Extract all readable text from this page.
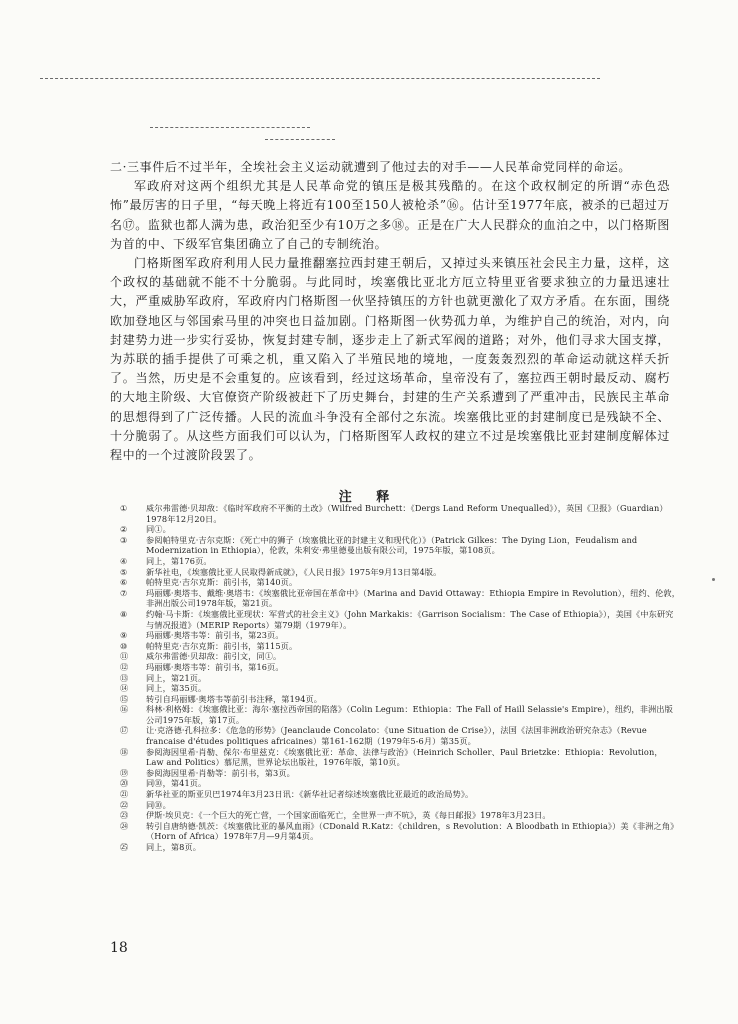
二·三事件后不过半年，全埃社会主义运动就遭到了他过去的对手——人民革命党同样的命运。

军政府对这两个组织尤其是人民革命党的镇压是极其残酷的。在这个政权制定的所谓“赤色恐怖”最厉害的日子里，“每天晚上将近有100至150人被枪杀”⑯。估计至1977年底，被杀的已超过万名⑰。监狱也都人满为患，政治犯至少有10万之多⑱。正是在广大人民群众的血泊之中，以门格斯图为首的中、下级军官集团确立了自己的专制统治。

门格斯图军政府利用人民力量推翻塞拉西封建王朝后，又掉过头来镇压社会民主力量，这样，这个政权的基础就不能不十分脆弱。与此同时，埃塞俄比亚北方厄立特里亚省要求独立的力量迅速壮大，严重威胁军政府，军政府内门格斯图一伙坚持镇压的方针也就更激化了双方矛盾。在东面，围绕欧加登地区与邻国索马里的冲突也日益加剧。门格斯图一伙势孤力单，为维护自己的统治，对内，向封建势力进一步实行妥协，恢复封建专制，逐步走上了新式军阀的道路；对外，他们寻求大国支撑，为苏联的插手提供了可乘之机，重又陷入了半殖民地的境地，一度轰轰烈烈的革命运动就这样夭折了。当然，历史是不会重复的。应该看到，经过这场革命，皇帝没有了，塞拉西王朝时最反动、腐朽的大地主阶级、大官僚资产阶级被赶下了历史舞台，封建的生产关系遭到了严重冲击，民族民主革命的思想得到了广泛传播。人民的流血斗争没有全部付之东流。埃塞俄比亚的封建制度已是残缺不全、十分脆弱了。从这些方面我们可以认为，门格斯图军人政权的建立不过是埃塞俄比亚封建制度解体过程中的一个过渡阶段罢了。

注 释
①	威尔弗雷德·贝却敌：《临时军政府不平衡的土改》（Wilfred Burchett：《Dergs Land Reform Unequalled》），英国《卫报》（Guardian）1978年12月20日。
②	同①。
③	参阅帕特里克·吉尔克斯：《死亡中的狮子（埃塞俄比亚的封建主义和现代化）》（Patrick Gilkes：The Dying Lion，Feudalism and Modernization in Ethiopia），伦敦，朱利安·弗里德曼出版有限公司，1975年版，第108页。
④	同上，第176页。
⑤	新华社电，《埃塞俄比亚人民取得新成就》，《人民日报》1975年9月13日第4版。
⑥	帕特里克·吉尔克斯：前引书，第140页。
⑦	玛丽娜·奥塔韦、戴维·奥塔韦：《埃塞俄比亚帝国在革命中》（Marina and David Ottaway：Ethiopia Empire in Revolution），纽约、伦敦，非洲出版公司1978年版，第21页。
⑧	约翰·马卡斯：《埃塞俄比亚现状：军营式的社会主义》（John Markakis：《Garrison Socialism：The Case of Ethiopia》），美国《中东研究与情况报道》（MERIP Reports）第79期（1979年）。
⑨	玛丽娜·奥塔韦等：前引书，第23页。
⑩	帕特里克·吉尔克斯：前引书，第115页。
⑪	威尔弗雷德·贝却敌：前引文，同①。
⑫	玛丽娜·奥塔韦等：前引书，第16页。
⑬	同上，第21页。
⑭	同上，第35页。
⑮	转引自玛丽娜·奥塔韦等前引书注释，第194页。
⑯	科林·利格姆：《埃塞俄比亚：海尔·塞拉西帝国的陷落》（Colin Legum：Ethiopia：The Fall of Haill Selassie's Empire），纽约，非洲出版公司1975年版，第17页。
⑰	让·克洛德·孔科拉多：《危急的形势》（Jeanclaude Concolato：《une Situation de Crise》），法国《法国非洲政治研究杂志》（Revue francaise d'études politiques africaines）第161-162期（1979年5-6月）第35页。
⑱	参阅海因里希·肖勒、保尔·布里兹克：《埃塞俄比亚：革命、法律与政治》（Heinrich Scholler、Paul Brietzke：Ethiopia：Revolution，Law and Politics）慕尼黑，世界论坛出版社，1976年版，第10页。
⑲	参阅海因里希·肖勒等：前引书，第3页。
⑳	同⑩，第41页。
㉑	新华社亚的斯亚贝巴1974年3月23日讯：《新华社记者综述埃塞俄比亚最近的政治局势》。
㉒	同⑩。
㉓	伊斯·埃贝克：《一个巨大的死亡营，一个国家面临死亡，全世界一声不吭》，英《每日邮报》1978年3月23日。
㉔	转引自唐纳德·凯茨：《埃塞俄比亚的暴风血雨》（CDonald R.Katz：《children，s Revolution：A Bloodbath in Ethiopia》）美《非洲之角》（Horn of Africa）1978年7月—9月第4页。
㉕	同上，第8页。
18
